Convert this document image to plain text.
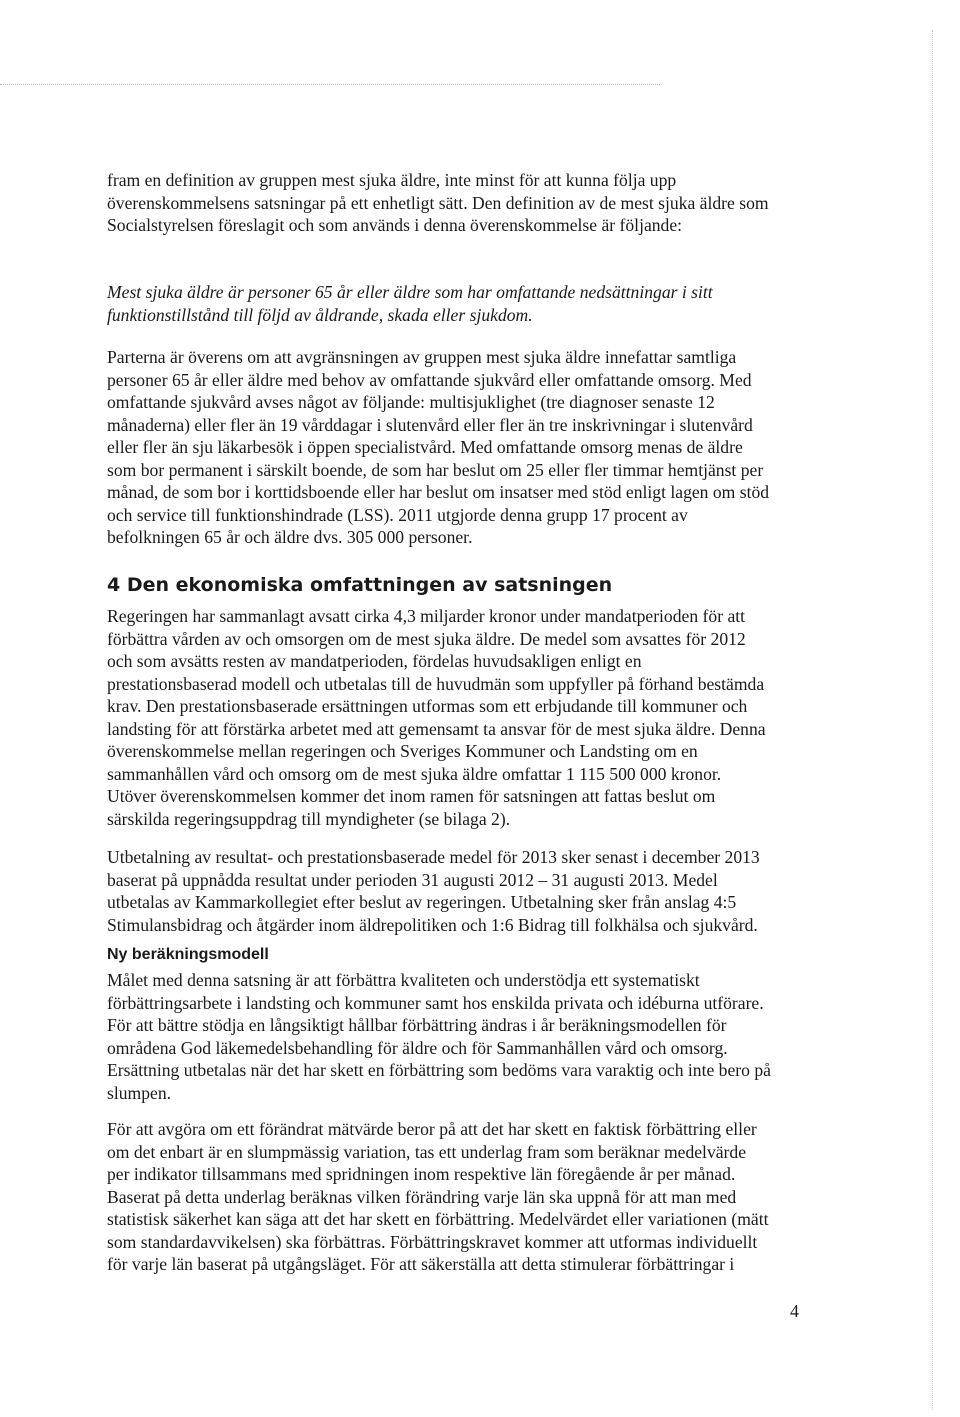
fram en definition av gruppen mest sjuka äldre, inte minst för att kunna följa upp
överenskommelsens satsningar på ett enhetligt sätt. Den definition av de mest sjuka äldre som
Socialstyrelsen föreslagit och som används i denna överenskommelse är följande:
Mest sjuka äldre är personer 65 år eller äldre som har omfattande nedsättningar i sitt
funktionstillstånd till följd av åldrande, skada eller sjukdom.
Parterna är överens om att avgränsningen av gruppen mest sjuka äldre innefattar samtliga
personer 65 år eller äldre med behov av omfattande sjukvård eller omfattande omsorg. Med
omfattande sjukvård avses något av följande: multisjuklighet (tre diagnoser senaste 12
månaderna) eller fler än 19 vårddagar i slutenvård eller fler än tre inskrivningar i slutenvård
eller fler än sju läkarbesök i öppen specialistvård. Med omfattande omsorg menas de äldre
som bor permanent i särskilt boende, de som har beslut om 25 eller fler timmar hemtjänst per
månad, de som bor i korttidsboende eller har beslut om insatser med stöd enligt lagen om stöd
och service till funktionshindrade (LSS). 2011 utgjorde denna grupp 17 procent av
befolkningen 65 år och äldre dvs. 305 000 personer.
4 Den ekonomiska omfattningen av satsningen
Regeringen har sammanlagt avsatt cirka 4,3 miljarder kronor under mandatperioden för att
förbättra vården av och omsorgen om de mest sjuka äldre. De medel som avsattes för 2012
och som avsätts resten av mandatperioden, fördelas huvudsakligen enligt en
prestationsbaserad modell och utbetalas till de huvudmän som uppfyller på förhand bestämda
krav. Den prestationsbaserade ersättningen utformas som ett erbjudande till kommuner och
landsting för att förstärka arbetet med att gemensamt ta ansvar för de mest sjuka äldre. Denna
överenskommelse mellan regeringen och Sveriges Kommuner och Landsting om en
sammanhållen vård och omsorg om de mest sjuka äldre omfattar 1 115 500 000 kronor.
Utöver överenskommelsen kommer det inom ramen för satsningen att fattas beslut om
särskilda regeringsuppdrag till myndigheter (se bilaga 2).
Utbetalning av resultat- och prestationsbaserade medel för 2013 sker senast i december 2013
baserat på uppnådda resultat under perioden 31 augusti 2012 – 31 augusti 2013. Medel
utbetalas av Kammarkollegiet efter beslut av regeringen. Utbetalning sker från anslag 4:5
Stimulansbidrag och åtgärder inom äldrepolitiken och 1:6 Bidrag till folkhälsa och sjukvård.
Ny beräkningsmodell
Målet med denna satsning är att förbättra kvaliteten och understödja ett systematiskt
förbättringsarbete i landsting och kommuner samt hos enskilda privata och idéburna utförare.
För att bättre stödja en långsiktigt hållbar förbättring ändras i år beräkningsmodellen för
områdena God läkemedelsbehandling för äldre och för Sammanhållen vård och omsorg.
Ersättning utbetalas när det har skett en förbättring som bedöms vara varaktig och inte bero på
slumpen.
För att avgöra om ett förändrat mätvärde beror på att det har skett en faktisk förbättring eller
om det enbart är en slumpmässig variation, tas ett underlag fram som beräknar medelvärde
per indikator tillsammans med spridningen inom respektive län föregående år per månad.
Baserat på detta underlag beräknas vilken förändring varje län ska uppnå för att man med
statistisk säkerhet kan säga att det har skett en förbättring. Medelvärdet eller variationen (mätt
som standardavvikelsen) ska förbättras. Förbättringskravet kommer att utformas individuellt
för varje län baserat på utgångsläget. För att säkerställa att detta stimulerar förbättringar i
4
